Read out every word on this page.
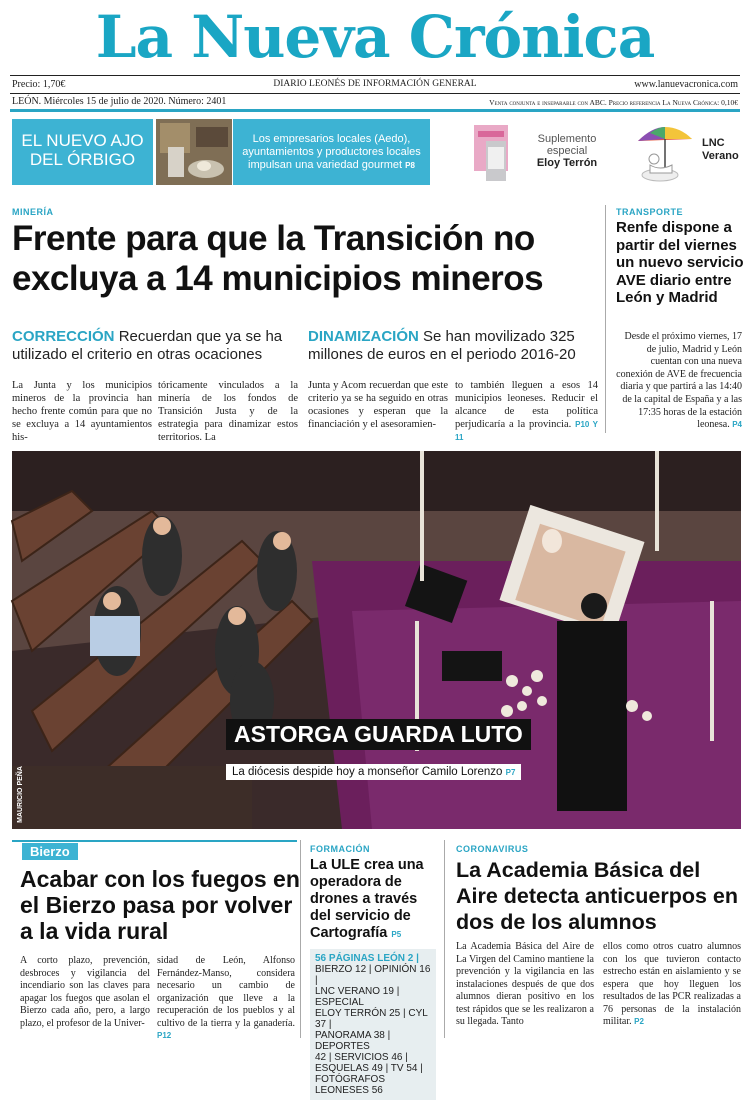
La Nueva Crónica
Precio: 1,70€	DIARIO LEONÉS DE INFORMACIÓN GENERAL	www.lanuevacronica.com
LEÓN. Miércoles 15 de julio de 2020. Número: 2401	Venta conjunta e inseparable con ABC. Precio referencia La Nueva Crónica: 0,10€
EL NUEVO AJO DEL ÓRBIGO
Los empresarios locales (Aedo), ayuntamientos y productores locales impulsan una variedad gourmet P8
Suplemento especial
Eloy Terrón
LNC Verano
MINERÍA
Frente para que la Transición no excluya a 14 municipios mineros
CORRECCIÓN Recuerdan que ya se ha utilizado el criterio en otras ocaciones
DINAMIZACIÓN Se han movilizado 325 millones de euros en el periodo 2016-20
La Junta y los municipios mineros de la provincia han hecho frente común para que no se excluya a 14 ayuntamientos his-
tóricamente vinculados a la minería de los fondos de Transición Justa y de la estrategia para dinamizar estos territorios. La
Junta y Acom recuerdan que este criterio ya se ha seguido en otras ocasiones y esperan que la financiación y el asesoramien-
to también lleguen a esos 14 municipios leoneses. Reducir el alcance de esta política perjudicaría a la provincia. P10 Y 11
TRANSPORTE
Renfe dispone a partir del viernes un nuevo servicio AVE diario entre León y Madrid
Desde el próximo viernes, 17 de julio, Madrid y León cuentan con una nueva conexión de AVE de frecuencia diaria y que partirá a las 14:40 de la capital de España y a las 17:35 horas de la estación leonesa. P4
ASTORGA GUARDA LUTO
La diócesis despide hoy a monseñor Camilo Lorenzo P7
MAURICIO PEÑA
Bierzo
Acabar con los fuegos en el Bierzo pasa por volver a la vida rural
A corto plazo, prevención, desbroces y vigilancia del incendiario son las claves para apagar los fuegos que asolan el Bierzo cada año, pero, a largo plazo, el profesor de la Univer-
sidad de León, Alfonso Fernández-Manso, considera necesario un cambio de organización que lleve a la recuperación de los pueblos y al cultivo de la tierra y la ganadería. P12
FORMACIÓN
La ULE crea una operadora de drones a través del servicio de Cartografía P5
56 PÁGINAS LEÓN 2 |
BIERZO 12 | OPINIÓN 16 |
LNC VERANO 19 | ESPECIAL
ELOY TERRÓN 25 | CYL 37 |
PANORAMA 38 | DEPORTES
42 | SERVICIOS 46 |
ESQUELAS 49 | TV 54 |
FOTÓGRAFOS LEONESES 56
CORONAVIRUS
La Academia Básica del Aire detecta anticuerpos en dos de los alumnos
La Academia Básica del Aire de La Virgen del Camino mantiene la prevención y la vigilancia en las instalaciones después de que dos alumnos dieran positivo en los test rápidos que se les realizaron a su llegada. Tanto
ellos como otros cuatro alumnos con los que tuvieron contacto estrecho están en aislamiento y se espera que hoy lleguen los resultados de las PCR realizadas a 76 personas de la instalación militar. P2
